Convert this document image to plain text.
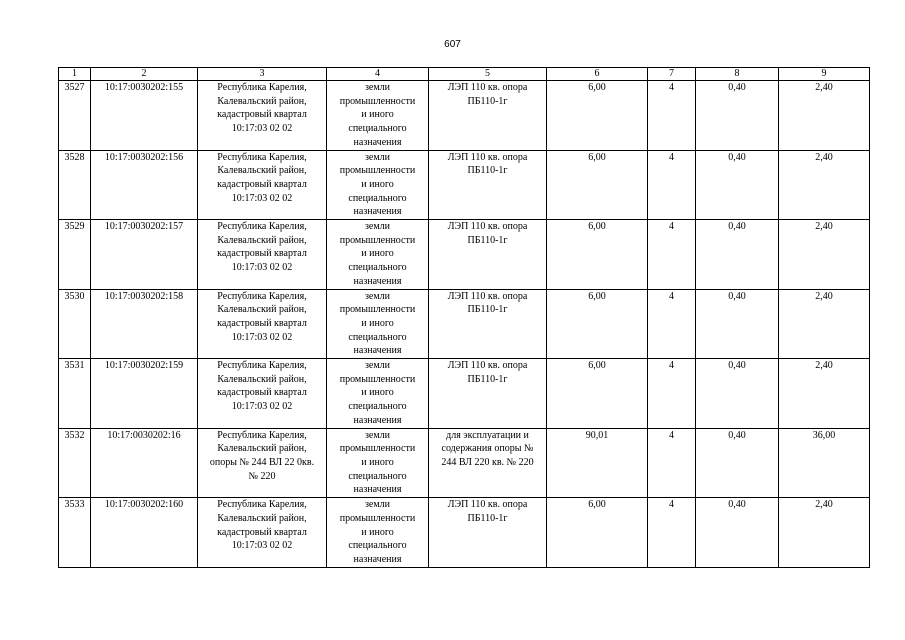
607
1	2	3	4	5	6	7	8	9
3527	10:17:0030202:155	Республика Карелия,
Калевальский район,
кадастровый квартал
10:17:03 02 02	земли
промышленности
и иного
специального
назначения	ЛЭП 110 кв. опора
ПБ110-1г	6,00	4	0,40	2,40
3528	10:17:0030202:156	Республика Карелия,
Калевальский район,
кадастровый квартал
10:17:03 02 02	земли
промышленности
и иного
специального
назначения	ЛЭП 110 кв. опора
ПБ110-1г	6,00	4	0,40	2,40
3529	10:17:0030202:157	Республика Карелия,
Калевальский район,
кадастровый квартал
10:17:03 02 02	земли
промышленности
и иного
специального
назначения	ЛЭП 110 кв. опора
ПБ110-1г	6,00	4	0,40	2,40
3530	10:17:0030202:158	Республика Карелия,
Калевальский район,
кадастровый квартал
10:17:03 02 02	земли
промышленности
и иного
специального
назначения	ЛЭП 110 кв. опора
ПБ110-1г	6,00	4	0,40	2,40
3531	10:17:0030202:159	Республика Карелия,
Калевальский район,
кадастровый квартал
10:17:03 02 02	земли
промышленности
и иного
специального
назначения	ЛЭП 110 кв. опора
ПБ110-1г	6,00	4	0,40	2,40
3532	10:17:0030202:16	Республика Карелия,
Калевальский район,
опоры № 244 ВЛ 22 0кв.
№ 220	земли
промышленности
и иного
специального
назначения	для эксплуатации и
содержания опоры №
244 ВЛ 220 кв. № 220	90,01	4	0,40	36,00
3533	10:17:0030202:160	Республика Карелия,
Калевальский район,
кадастровый квартал
10:17:03 02 02	земли
промышленности
и иного
специального
назначения	ЛЭП 110 кв. опора
ПБ110-1г	6,00	4	0,40	2,40
